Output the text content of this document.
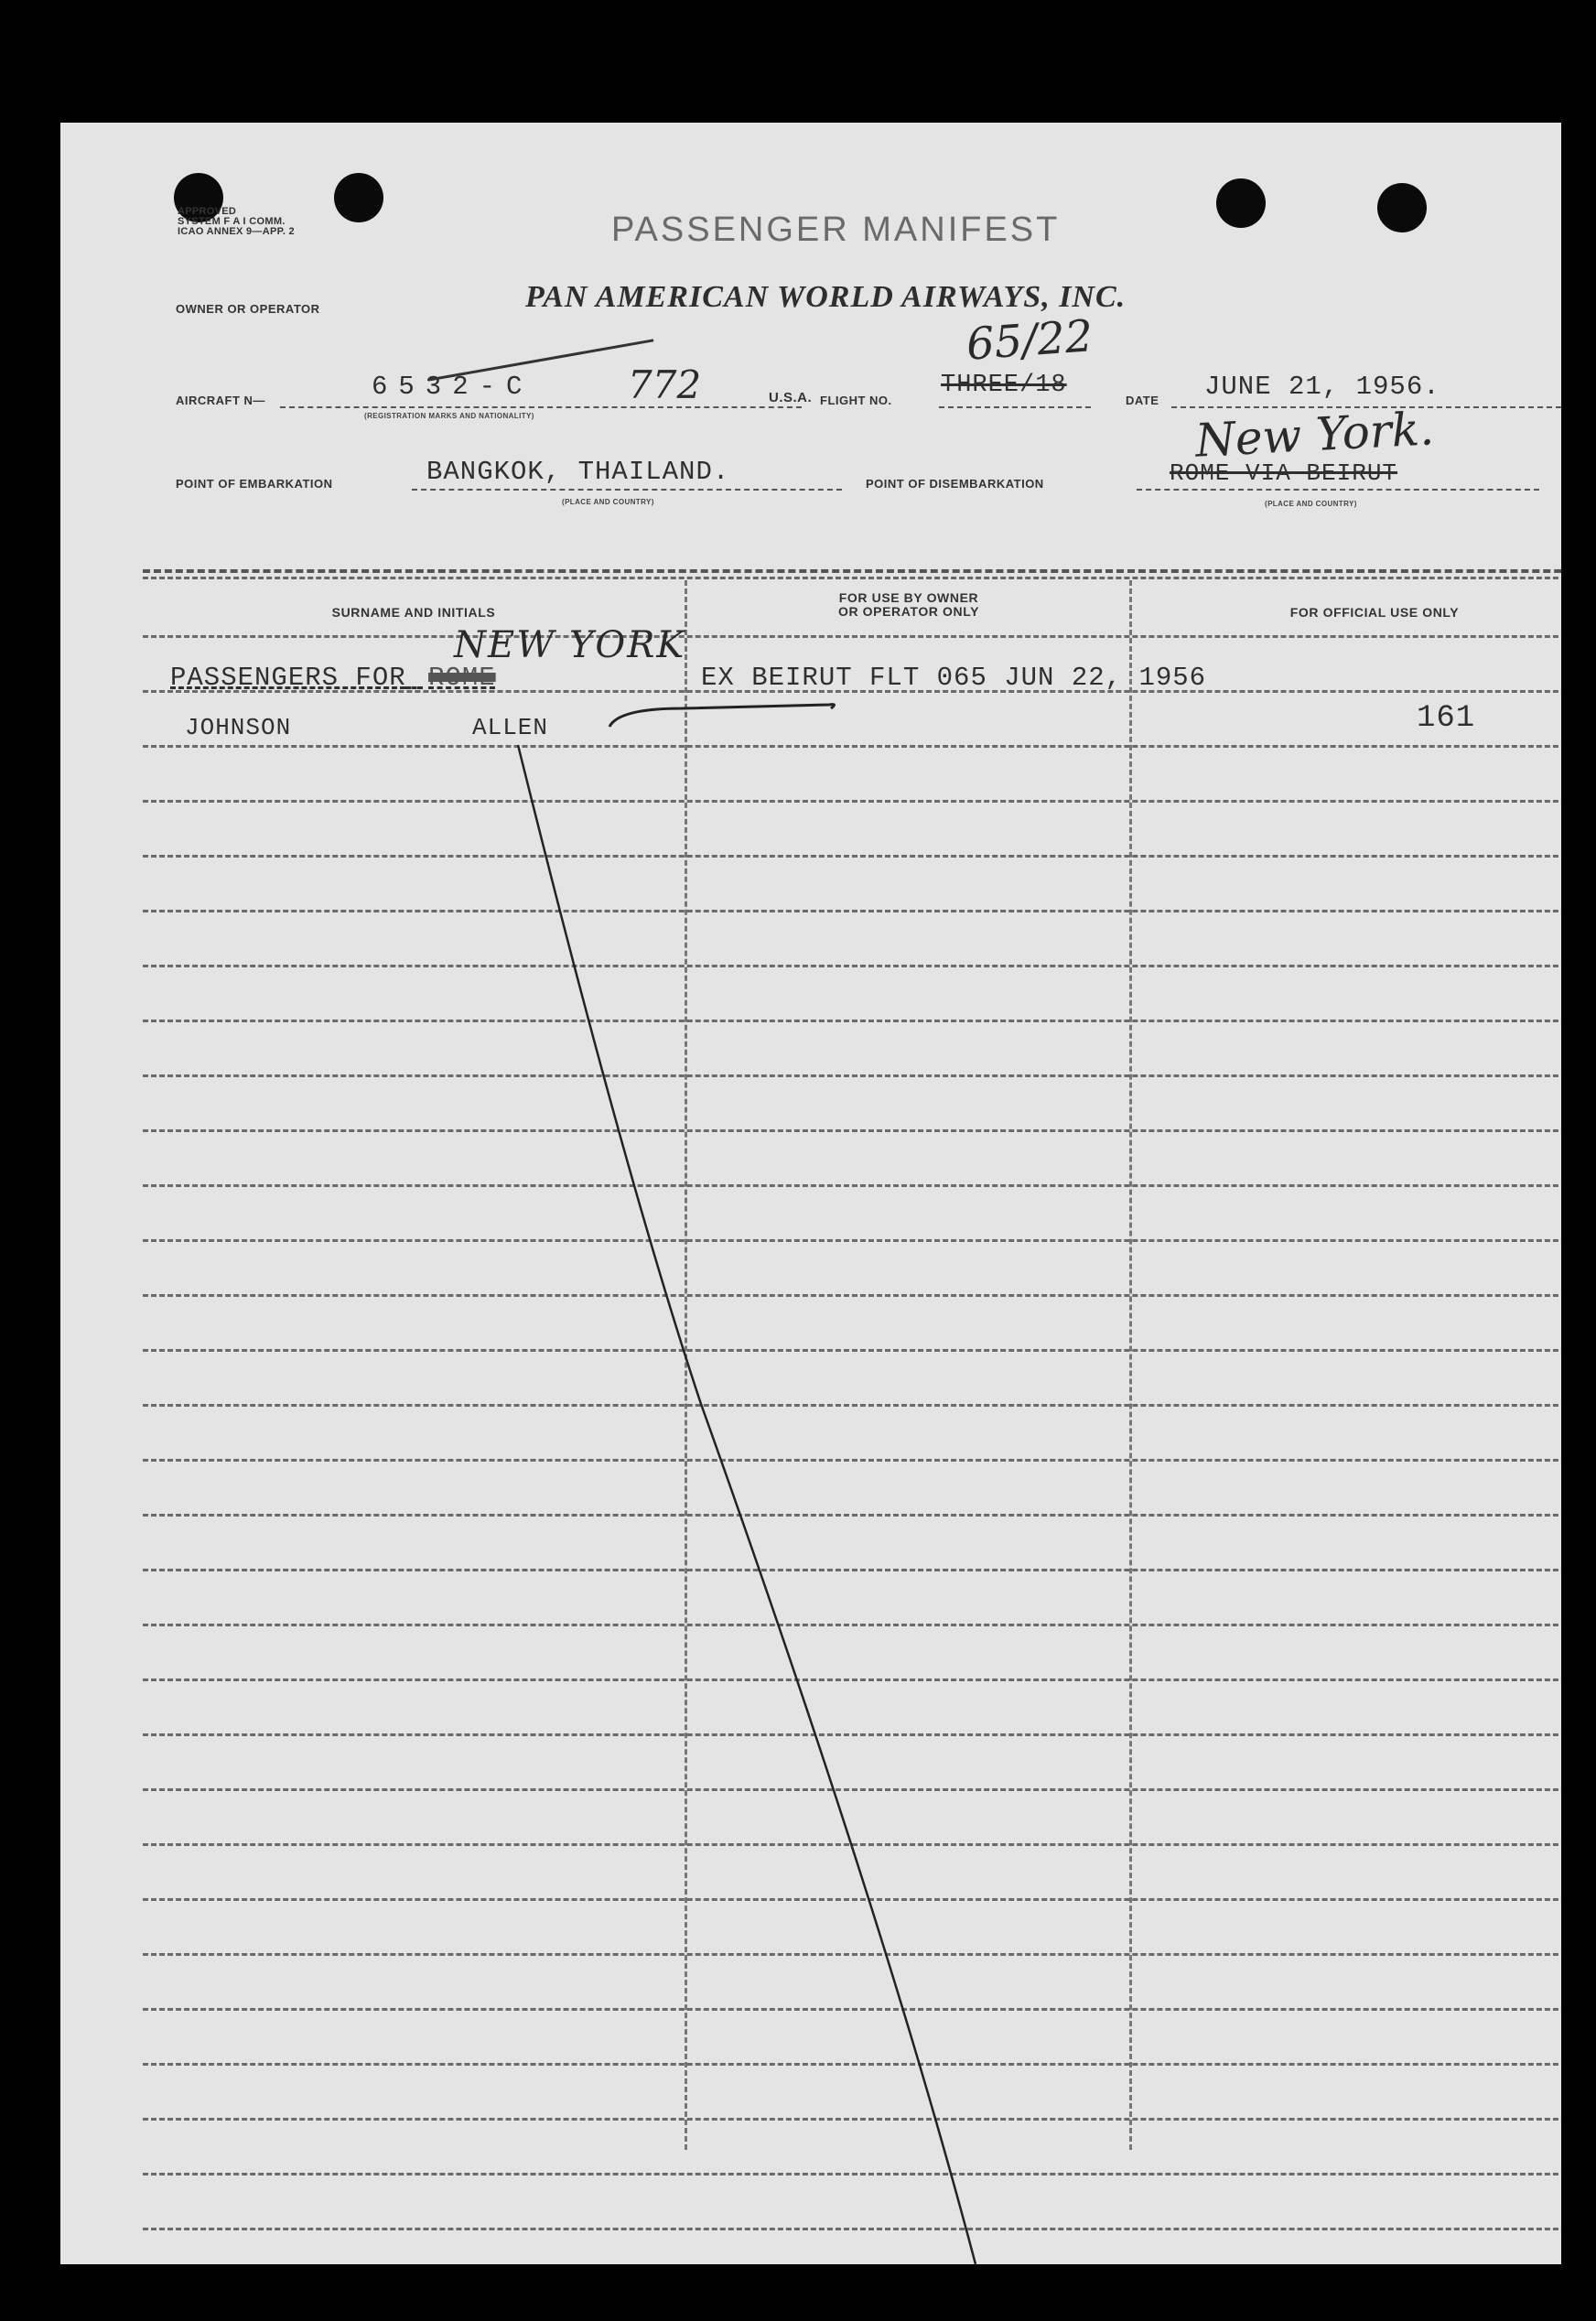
APPROVED
SYSTEM F A I COMM.
ICAO ANNEX 9—APP. 2	PASSENGER MANIFEST
OWNER OR OPERATOR	PAN AMERICAN WORLD AIRWAYS, INC.
65/22
AIRCRAFT N—	6532-C 772
(REGISTRATION MARKS AND NATIONALITY)
U.S.A. FLIGHT NO.
THREE/18
DATE JUNE 21, 1956.
POINT OF EMBARKATION	BANGKOK, THAILAND.
(PLACE AND COUNTRY)
POINT OF DISEMBARKATION	ROME VIA BEIRUT
New York.
(PLACE AND COUNTRY)
SURNAME AND INITIALS
FOR USE BY OWNER
OR OPERATOR ONLY	FOR OFFICIAL USE ONLY
PASSENGERS FOR ROME
NEW YORK
EX BEIRUT FLT 065 JUN 22, 1956
JOHNSON	ALLEN	161
